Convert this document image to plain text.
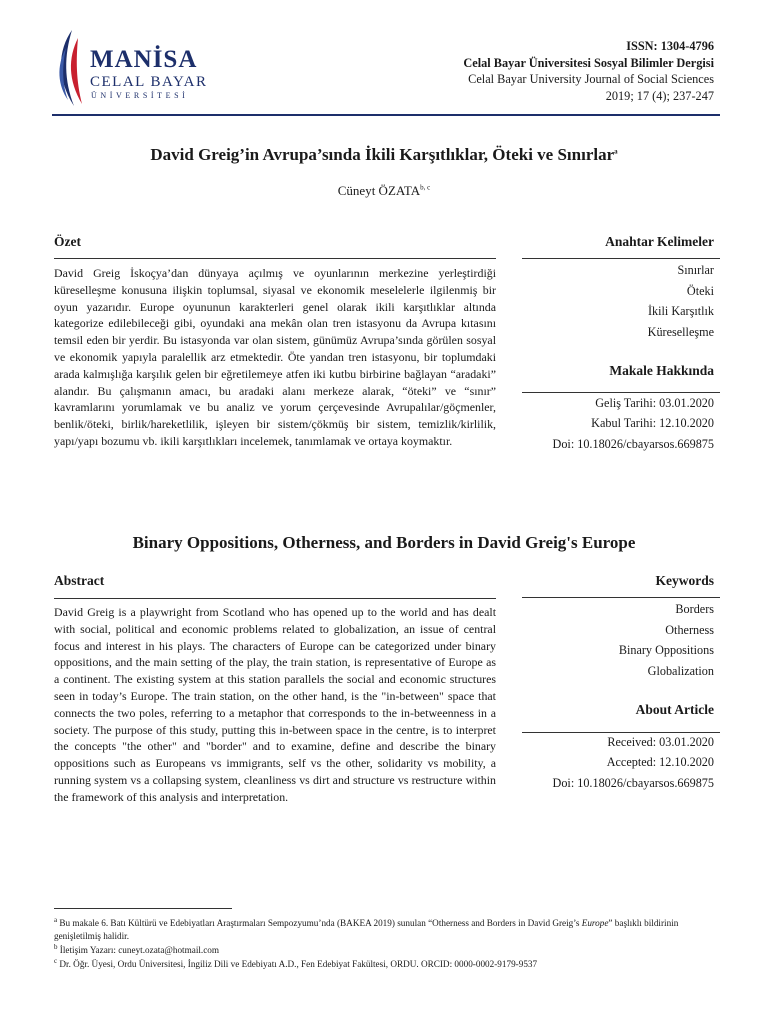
MANİSA
CELAL BAYAR
ÜNİVERSİTESİ
ISSN: 1304-4796
Celal Bayar Üniversitesi Sosyal Bilimler Dergisi
Celal Bayar University Journal of Social Sciences
2019; 17 (4); 237-247
David Greig’in Avrupa’sında İkili Karşıtlıklar, Öteki ve Sınırlar$^a$
Cüneyt ÖZATA$^{b, c}$
Özet
David Greig İskoçya’dan dünyaya açılmış ve oyunlarının merkezine yerleştirdiği küreselleşme konusuna ilişkin toplumsal, siyasal ve ekonomik meselelerle ilgilenmiş bir oyun yazarıdır. Europe oyununun karakterleri genel olarak ikili karşıtlıklar altında kategorize edilebileceği gibi, oyundaki ana mekân olan tren istasyonu da Avrupa kıtasını temsil eden bir yerdir. Bu istasyonda var olan sistem, günümüz Avrupa’sında görülen sosyal ve ekonomik yapıyla paralellik arz etmektedir. Öte yandan tren istasyonu, bir toplumdaki arada kalmışlığa karşılık gelen bir eğretilemeye atfen iki kutbu birbirine bağlayan “aradaki” alandır. Bu çalışmanın amacı, bu aradaki alanı merkeze alarak, “öteki” ve “sınır” kavramlarını yorumlamak ve bu analiz ve yorum çerçevesinde Avrupalılar/göçmenler, benlik/öteki, birlik/hareketlilik, işleyen bir sistem/çökmüş bir sistem, temizlik/kirlilik, yapı/yapı bozumu vb. ikili karşıtlıkları incelemek, tanımlamak ve ortaya koymaktır.
Anahtar Kelimeler
Sınırlar
Öteki
İkili Karşıtlık
Küreselleşme
Makale Hakkında
Geliş Tarihi: 03.01.2020
Kabul Tarihi: 12.10.2020
Doi: 10.18026/cbayarsos.669875
Binary Oppositions, Otherness, and Borders in David Greig's Europe
Abstract
David Greig is a playwright from Scotland who has opened up to the world and has dealt with social, political and economic problems related to globalization, an issue of central focus and interest in his plays. The characters of Europe can be categorized under binary oppositions, and the main setting of the play, the train station, is representative of Europe as a continent. The existing system at this station parallels the social and economic structures seen in today’s Europe. The train station, on the other hand, is the "in-between" space that connects the two poles, referring to a metaphor that corresponds to the in-betweenness in a society. The purpose of this study, putting this in-between space in the centre, is to interpret the concepts "the other" and "border" and to examine, define and describe the binary oppositions such as Europeans vs immigrants, self vs the other, solidarity vs mobility, a running system vs a collapsing system, cleanliness vs dirt and structure vs restructure within the framework of this analysis and interpretation.
Keywords
Borders
Otherness
Binary Oppositions
Globalization
About Article
Received: 03.01.2020
Accepted: 12.10.2020
Doi: 10.18026/cbayarsos.669875
$^a$ Bu makale 6. Batı Kültürü ve Edebiyatları Araştırmaları Sempozyumu’nda (BAKEA 2019) sunulan “Otherness and Borders in David Greig’s Europe” başlıklı bildirinin genişletilmiş halidir.
$^b$ İletişim Yazarı: cuneyt.ozata@hotmail.com
$^c$ Dr. Öğr. Üyesi, Ordu Üniversitesi, İngiliz Dili ve Edebiyatı A.D., Fen Edebiyat Fakültesi, ORDU. ORCID: 0000-0002-9179-9537
